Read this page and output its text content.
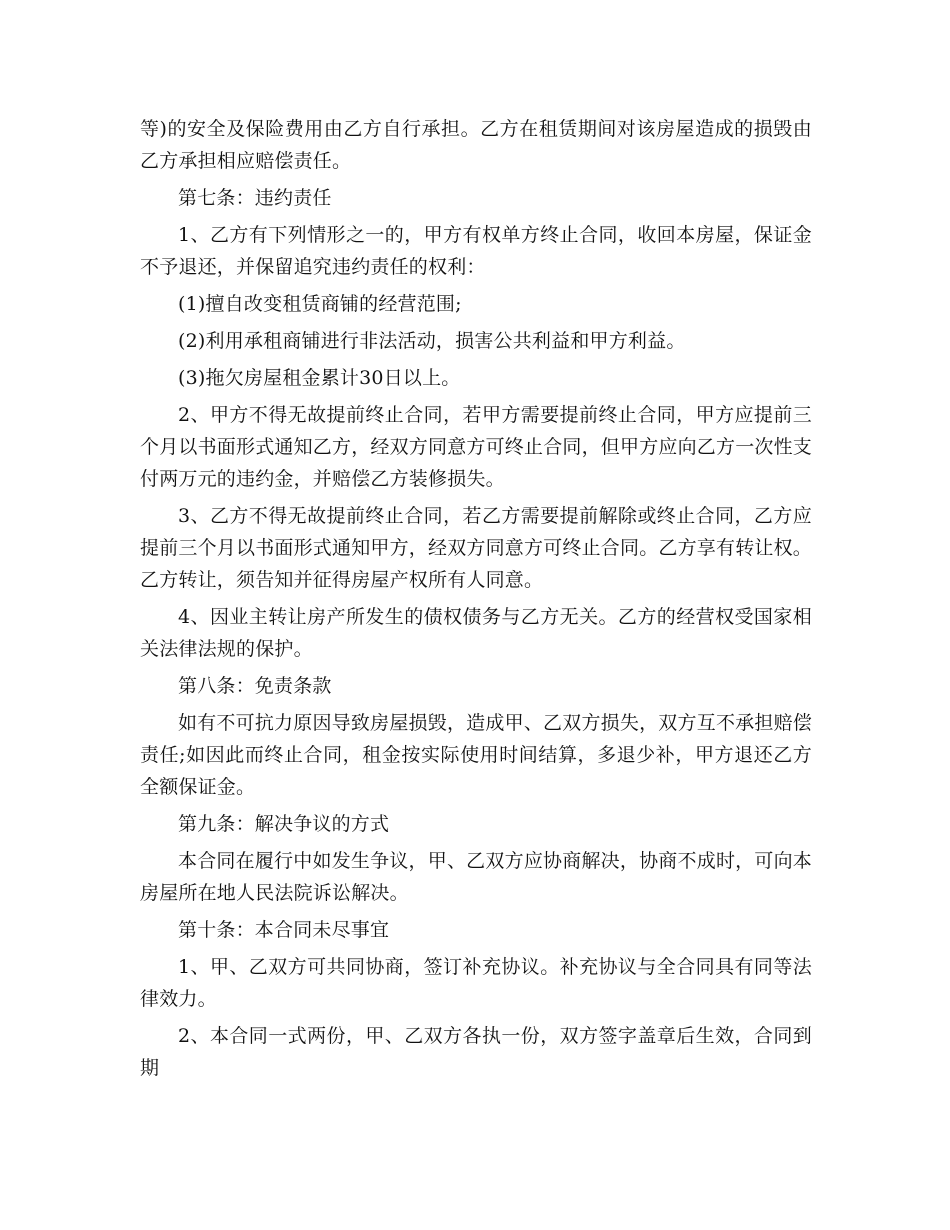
等)的安全及保险费用由乙方自行承担。乙方在租赁期间对该房屋造成的损毁由乙方承担相应赔偿责任。

第七条：违约责任

1、乙方有下列情形之一的，甲方有权单方终止合同，收回本房屋，保证金不予退还，并保留追究违约责任的权利：

(1)擅自改变租赁商铺的经营范围;

(2)利用承租商铺进行非法活动，损害公共利益和甲方利益。

(3)拖欠房屋租金累计30日以上。

2、甲方不得无故提前终止合同，若甲方需要提前终止合同，甲方应提前三个月以书面形式通知乙方，经双方同意方可终止合同，但甲方应向乙方一次性支付两万元的违约金，并赔偿乙方装修损失。

3、乙方不得无故提前终止合同，若乙方需要提前解除或终止合同，乙方应提前三个月以书面形式通知甲方，经双方同意方可终止合同。乙方享有转让权。乙方转让，须告知并征得房屋产权所有人同意。

4、因业主转让房产所发生的债权债务与乙方无关。乙方的经营权受国家相关法律法规的保护。

第八条：免责条款

如有不可抗力原因导致房屋损毁，造成甲、乙双方损失，双方互不承担赔偿责任;如因此而终止合同，租金按实际使用时间结算，多退少补，甲方退还乙方全额保证金。

第九条：解决争议的方式

本合同在履行中如发生争议，甲、乙双方应协商解决，协商不成时，可向本房屋所在地人民法院诉讼解决。

第十条：本合同未尽事宜

1、甲、乙双方可共同协商，签订补充协议。补充协议与全合同具有同等法律效力。

2、本合同一式两份，甲、乙双方各执一份，双方签字盖章后生效，合同到期
